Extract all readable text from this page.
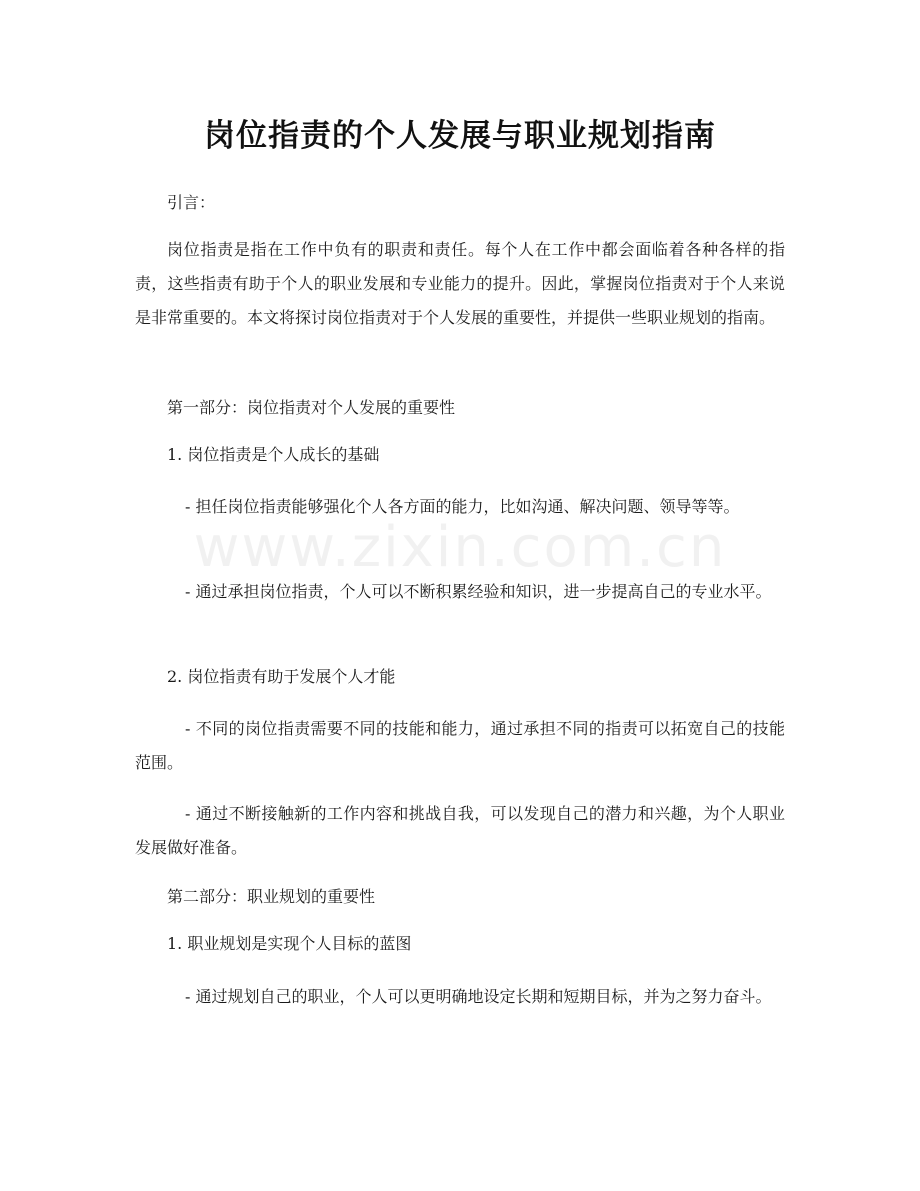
www.zixin.com.cn
岗位指责的个人发展与职业规划指南
引言：
岗位指责是指在工作中负有的职责和责任。每个人在工作中都会面临着各种各样的指责，这些指责有助于个人的职业发展和专业能力的提升。因此，掌握岗位指责对于个人来说是非常重要的。本文将探讨岗位指责对于个人发展的重要性，并提供一些职业规划的指南。
第一部分：岗位指责对个人发展的重要性
1. 岗位指责是个人成长的基础
- 担任岗位指责能够强化个人各方面的能力，比如沟通、解决问题、领导等等。
- 通过承担岗位指责，个人可以不断积累经验和知识，进一步提高自己的专业水平。
2. 岗位指责有助于发展个人才能
- 不同的岗位指责需要不同的技能和能力，通过承担不同的指责可以拓宽自己的技能范围。
- 通过不断接触新的工作内容和挑战自我，可以发现自己的潜力和兴趣，为个人职业发展做好准备。
第二部分：职业规划的重要性
1. 职业规划是实现个人目标的蓝图
- 通过规划自己的职业，个人可以更明确地设定长期和短期目标，并为之努力奋斗。
